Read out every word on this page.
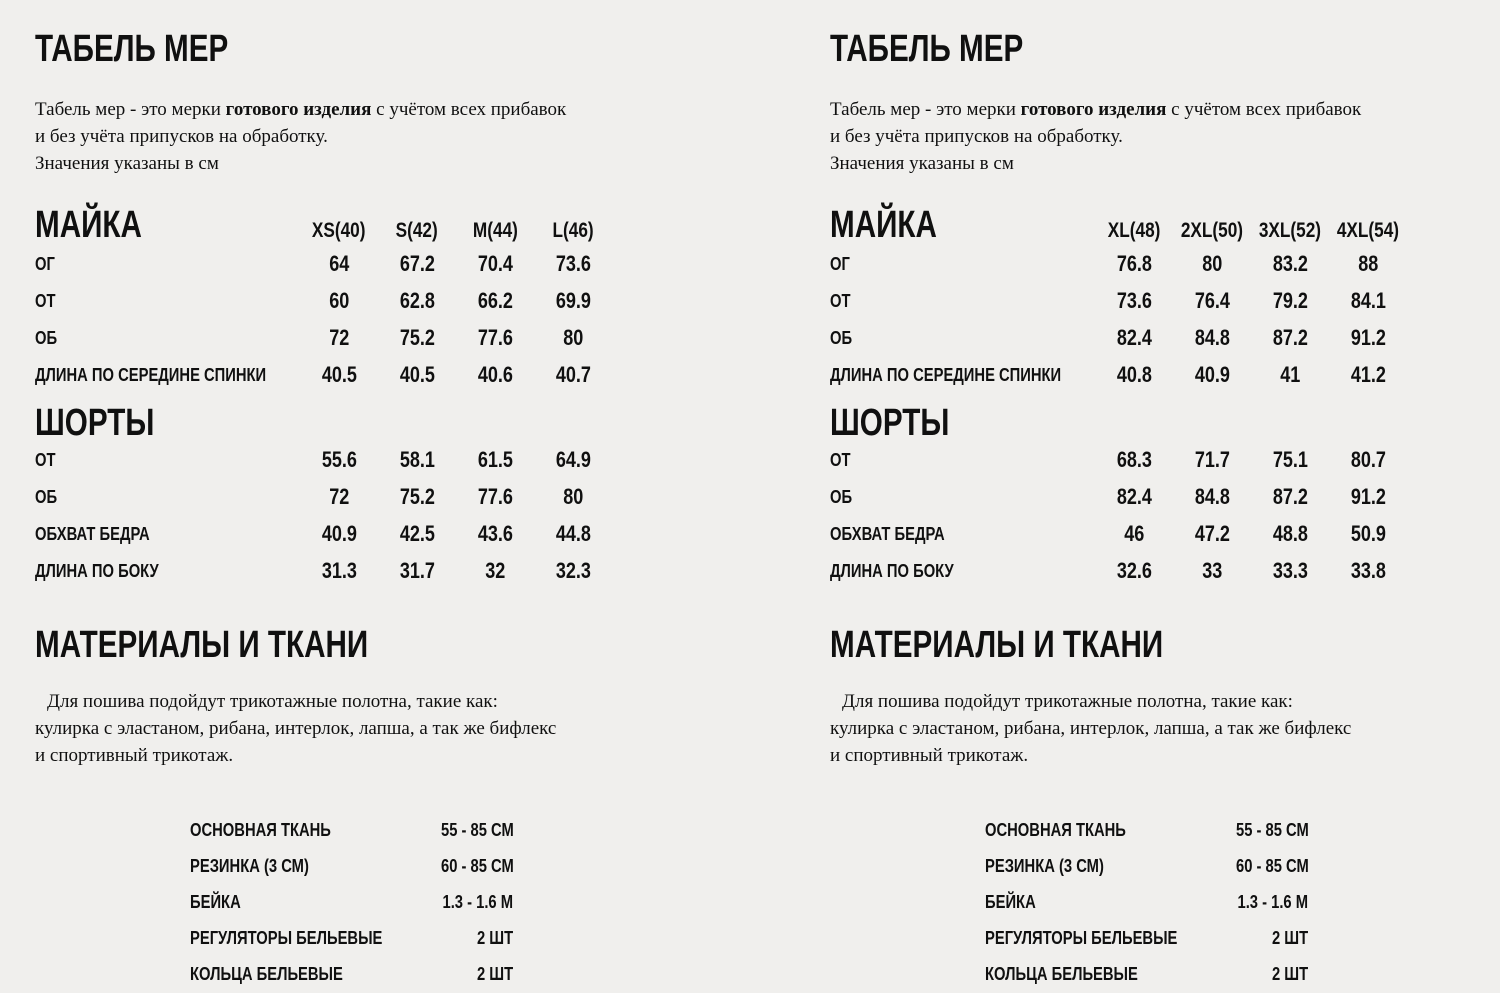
ТАБЕЛЬ МЕР

Табель мер - это мерки готового изделия с учётом всех прибавок

и без учёта припусков на обработку.

Значения указаны в см

МАЙКА	XS(40) S(42) M(44) L(46)
ОГ	64 67.2 70.4 73.6
ОТ	60 62.8 66.2 69.9
ОБ	72 75.2 77.6 80
ДЛИНА ПО СЕРЕДИНЕ СПИНКИ	40.5 40.5 40.6 40.7
ШОРТЫ
ОТ	55.6 58.1 61.5 64.9
ОБ	72 75.2 77.6 80
ОБХВАТ БЕДРА	40.9 42.5 43.6 44.8
ДЛИНА ПО БОКУ	31.3 31.7 32 32.3
МАТЕРИАЛЫ И ТКАНИ

Для пошива подойдут трикотажные полотна, такие как:

кулирка с эластаном, рибана, интерлок, лапша, а так же бифлекс

и спортивный трикотаж.

ОСНОВНАЯ ТКАНЬ	55 - 85 СМ
РЕЗИНКА (3 СМ)	60 - 85 СМ
БЕЙКА	1.3 - 1.6 М
РЕГУЛЯТОРЫ БЕЛЬЕВЫЕ	2 ШТ
КОЛЬЦА БЕЛЬЕВЫЕ	2 ШТ
ТАБЕЛЬ МЕР

Табель мер - это мерки готового изделия с учётом всех прибавок

и без учёта припусков на обработку.

Значения указаны в см

МАЙКА	XL(48) 2XL(50) 3XL(52) 4XL(54)
ОГ	76.8 80 83.2 88
ОТ	73.6 76.4 79.2 84.1
ОБ	82.4 84.8 87.2 91.2
ДЛИНА ПО СЕРЕДИНЕ СПИНКИ	40.8 40.9 41 41.2
ШОРТЫ
ОТ	68.3 71.7 75.1 80.7
ОБ	82.4 84.8 87.2 91.2
ОБХВАТ БЕДРА	46 47.2 48.8 50.9
ДЛИНА ПО БОКУ	32.6 33 33.3 33.8
МАТЕРИАЛЫ И ТКАНИ

Для пошива подойдут трикотажные полотна, такие как:

кулирка с эластаном, рибана, интерлок, лапша, а так же бифлекс

и спортивный трикотаж.

ОСНОВНАЯ ТКАНЬ	55 - 85 СМ
РЕЗИНКА (3 СМ)	60 - 85 СМ
БЕЙКА	1.3 - 1.6 М
РЕГУЛЯТОРЫ БЕЛЬЕВЫЕ	2 ШТ
КОЛЬЦА БЕЛЬЕВЫЕ	2 ШТ
